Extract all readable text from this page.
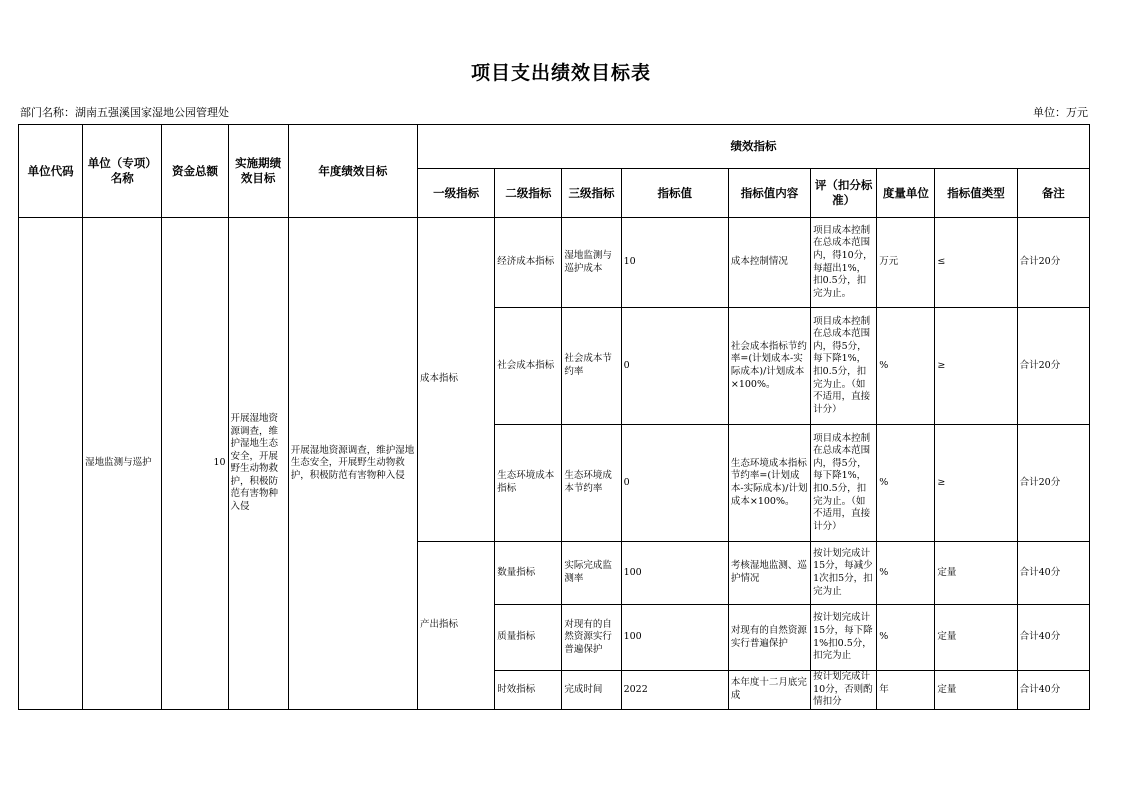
项目支出绩效目标表
部门名称：湖南五强溪国家湿地公园管理处	单位：万元
单位代码	单位（专项）名称	资金总额	实施期绩效目标	年度绩效目标	绩效指标								
					一级指标	二级指标	三级指标	指标值	指标值内容	评（扣分标准）	度量单位	指标值类型	备注
	湿地监测与巡护	10	开展湿地资源调查，维护湿地生态安全，开展野生动物救护，积极防范有害物种入侵	开展湿地资源调查，维护湿地生态安全，开展野生动物救护，积极防范有害物种入侵	成本指标	经济成本指标	湿地监测与巡护成本	10	成本控制情况	项目成本控制在总成本范围内，得10分，每超出1%，扣0.5分，扣完为止。	万元	≤	合计20分
						社会成本指标	社会成本节约率	0	社会成本指标节约率=(计划成本-实际成本)/计划成本×100%。	项目成本控制在总成本范围内，得5分，每下降1%，扣0.5分，扣完为止。（如不适用，直接计分）	%	≥	合计20分
						生态环境成本指标	生态环境成本节约率	0	生态环境成本指标节约率=(计划成本-实际成本)/计划成本×100%。	项目成本控制在总成本范围内，得5分，每下降1%，扣0.5分，扣完为止。（如不适用，直接计分）	%	≥	合计20分
					产出指标	数量指标	实际完成监测率	100	考核湿地监测、巡护情况	按计划完成计15分，每减少1次扣5分，扣完为止	%	定量	合计40分
						质量指标	对现有的自然资源实行普遍保护	100	对现有的自然资源实行普遍保护	按计划完成计15分，每下降1%扣0.5分，扣完为止	%	定量	合计40分
						时效指标	完成时间	2022	本年度十二月底完成	按计划完成计10分，否则酌情扣分	年	定量	合计40分
